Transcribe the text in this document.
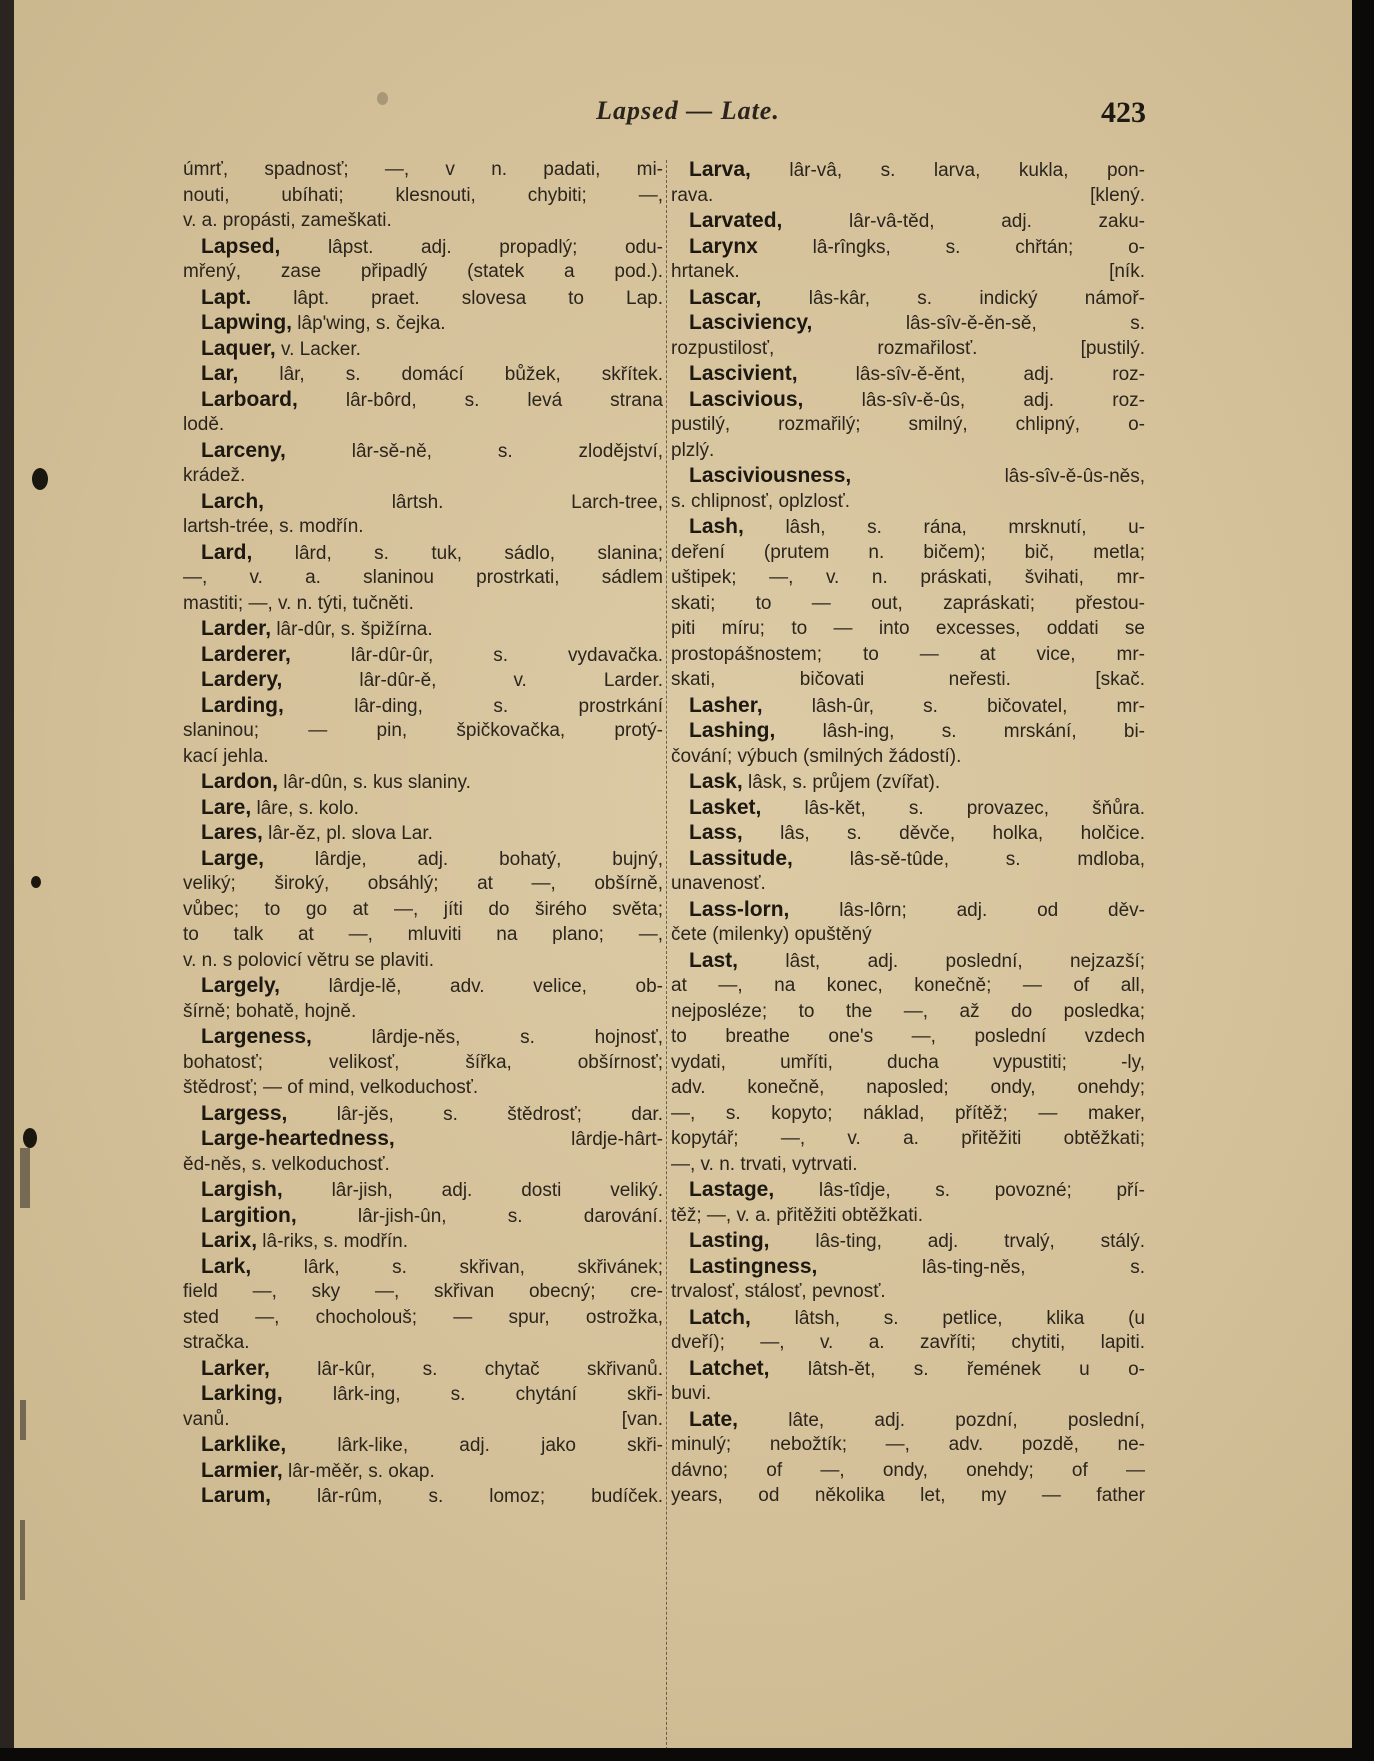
Lapsed — Late.	423
úmrť, spadnosť; —, v n. padati, mi-
nouti, ubíhati; klesnouti, chybiti; —,
v. a. propásti, zameškati.
Lapsed, lâpst. adj. propadlý; odu-
mřený, zase připadlý (statek a pod.).
Lapt. lâpt. praet. slovesa to Lap.
Lapwing, lâp'wing, s. čejka.
Laquer, v. Lacker.
Lar, lâr, s. domácí bůžek, skřítek.
Larboard, lâr-bôrd, s. levá strana
lodě.
Larceny, lâr-sě-ně, s. zlodějství,
krádež.
Larch, lârtsh. Larch-tree,
lartsh-trée, s. modřín.
Lard, lârd, s. tuk, sádlo, slanina;
—, v. a. slaninou prostrkati, sádlem
mastiti; —, v. n. týti, tučněti.
Larder, lâr-dûr, s. špižírna.
Larderer, lâr-dûr-ûr, s. vydavačka.
Lardery, lâr-dûr-ě, v. Larder.
Larding, lâr-ding, s. prostrkání
slaninou; — pin, špičkovačka, protý-
kací jehla.
Lardon, lâr-dûn, s. kus slaniny.
Lare, lâre, s. kolo.
Lares, lâr-ěz, pl. slova Lar.
Large, lârdje, adj. bohatý, bujný,
veliký; široký, obsáhlý; at —, obšírně,
vůbec; to go at —, jíti do širého světa;
to talk at —, mluviti na plano; —,
v. n. s polovicí větru se plaviti.
Largely, lârdje-lě, adv. velice, ob-
šírně; bohatě, hojně.
Largeness, lârdje-něs, s. hojnosť,
bohatosť; velikosť, šířka, obšírnosť;
štědrosť; — of mind, velkoduchosť.
Largess, lâr-jěs, s. štědrosť; dar.
Large-heartedness, lârdje-hârt-
ěd-něs, s. velkoduchosť.
Largish, lâr-jish, adj. dosti veliký.
Largition, lâr-jish-ûn, s. darování.
Larix, lâ-riks, s. modřín.
Lark, lârk, s. skřivan, skřivánek;
field —, sky —, skřivan obecný; cre-
sted —, chocholouš; — spur, ostrožka,
stračka.
Larker, lâr-kûr, s. chytač skřivanů.
Larking, lârk-ing, s. chytání skři-
vanů. [van.
Larklike, lârk-like, adj. jako skři-
Larmier, lâr-měěr, s. okap.
Larum, lâr-rûm, s. lomoz; budíček.
Larva, lâr-vâ, s. larva, kukla, pon-
rava. [klený.
Larvated, lâr-vâ-těd, adj. zaku-
Larynx lâ-rîngks, s. chřtán; o-
hrtanek. [ník.
Lascar, lâs-kâr, s. indický námoř-
Lasciviency, lâs-sîv-ě-ěn-sě, s.
rozpustilosť, rozmařilosť. [pustilý.
Lascivient, lâs-sîv-ě-ěnt, adj. roz-
Lascivious, lâs-sîv-ě-ûs, adj. roz-
pustilý, rozmařilý; smilný, chlipný, o-
plzlý.
Lasciviousness, lâs-sîv-ě-ûs-něs,
s. chlipnosť, oplzlosť.
Lash, lâsh, s. rána, mrsknutí, u-
deření (prutem n. bičem); bič, metla;
uštipek; —, v. n. práskati, švihati, mr-
skati; to — out, zapráskati; přestou-
piti míru; to — into excesses, oddati se
prostopášnostem; to — at vice, mr-
skati, bičovati neřesti. [skač.
Lasher, lâsh-ûr, s. bičovatel, mr-
Lashing, lâsh-ing, s. mrskání, bi-
čování; výbuch (smilných žádostí).
Lask, lâsk, s. průjem (zvířat).
Lasket, lâs-kět, s. provazec, šňůra.
Lass, lâs, s. děvče, holka, holčice.
Lassitude, lâs-sě-tûde, s. mdloba,
unavenosť.
Lass-lorn, lâs-lôrn; adj. od děv-
čete (milenky) opuštěný
Last, lâst, adj. poslední, nejzazší;
at —, na konec, konečně; — of all,
nejposléze; to the —, až do posledka;
to breathe one's —, poslední vzdech
vydati, umříti, ducha vypustiti; -ly,
adv. konečně, naposled; ondy, onehdy;
—, s. kopyto; náklad, přítěž; — maker,
kopytář; —, v. a. přitěžiti obtěžkati;
—, v. n. trvati, vytrvati.
Lastage, lâs-tîdje, s. povozné; pří-
těž; —, v. a. přitěžiti obtěžkati.
Lasting, lâs-ting, adj. trvalý, stálý.
Lastingness, lâs-ting-něs, s.
trvalosť, stálosť, pevnosť.
Latch, lâtsh, s. petlice, klika (u
dveří); —, v. a. zavříti; chytiti, lapiti.
Latchet, lâtsh-ět, s. řemének u o-
buvi.
Late, lâte, adj. pozdní, poslední,
minulý; nebožtík; —, adv. pozdě, ne-
dávno; of —, ondy, onehdy; of —
years, od několika let, my — father
